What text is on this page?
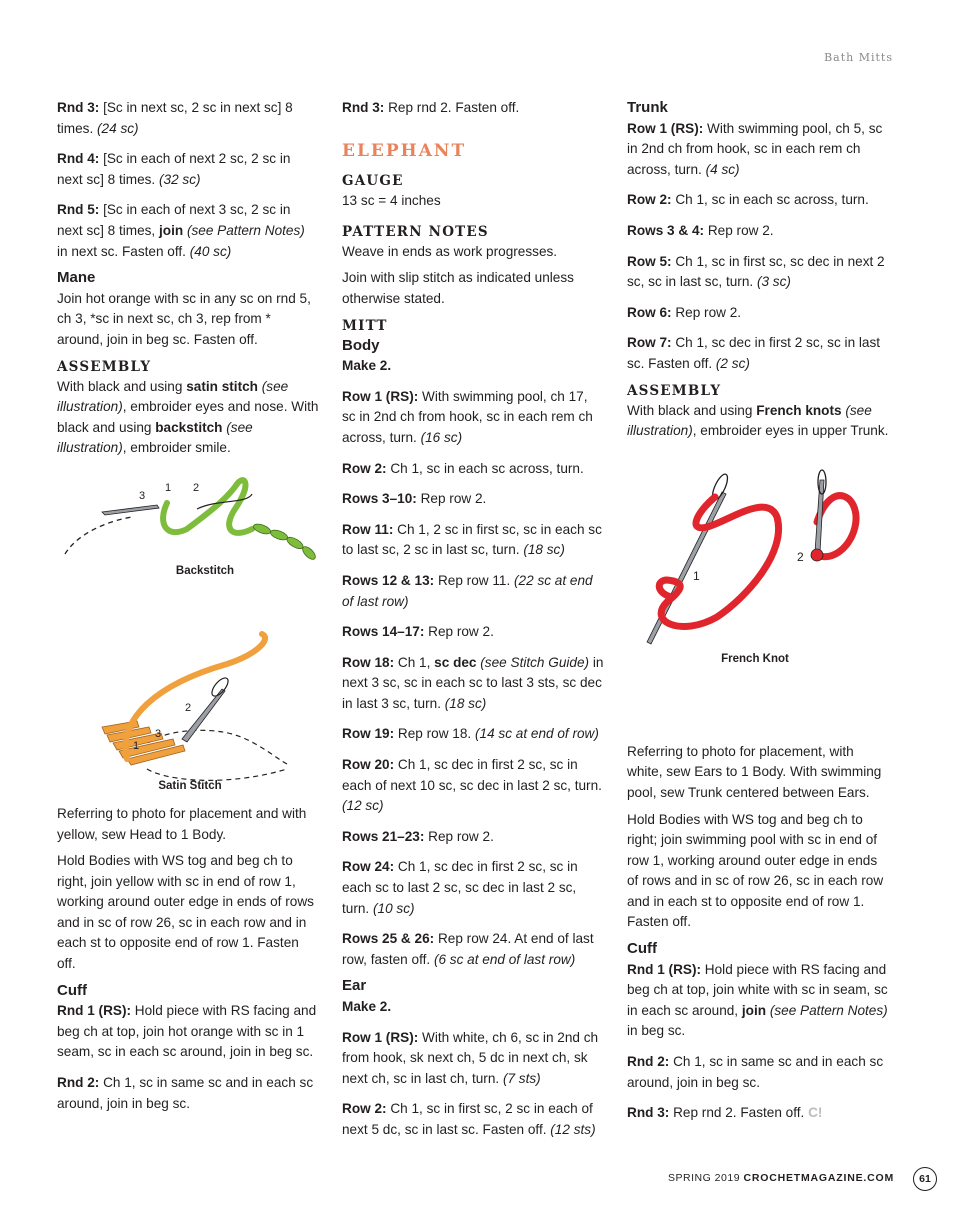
Bath Mitts

Rnd 3: [Sc in next sc, 2 sc in next sc] 8 times. (24 sc)

Rnd 4: [Sc in each of next 2 sc, 2 sc in next sc] 8 times. (32 sc)

Rnd 5: [Sc in each of next 3 sc, 2 sc in next sc] 8 times, join (see Pattern Notes) in next sc. Fasten off. (40 sc)

Mane

Join hot orange with sc in any sc on rnd 5, ch 3, *sc in next sc, ch 3, rep from * around, join in beg sc. Fasten off.

ASSEMBLY

With black and using satin stitch (see illustration), embroider eyes and nose. With black and using backstitch (see illustration), embroider smile.

3
1 2
Backstitch
2
3
1
Satin Stitch

Referring to photo for placement and with yellow, sew Head to 1 Body.

Hold Bodies with WS tog and beg ch to right, join yellow with sc in end of row 1, working around outer edge in ends of rows and in sc of row 26, sc in each row and in each st to opposite end of row 1. Fasten off.

Cuff

Rnd 1 (RS): Hold piece with RS facing and beg ch at top, join hot orange with sc in 1 seam, sc in each sc around, join in beg sc.

Rnd 2: Ch 1, sc in same sc and in each sc around, join in beg sc.

Rnd 3: Rep rnd 2. Fasten off.

ELEPHANT
GAUGE

13 sc = 4 inches

PATTERN NOTES

Weave in ends as work progresses.

Join with slip stitch as indicated unless otherwise stated.

MITT
Body

Make 2.

Row 1 (RS): With swimming pool, ch 17, sc in 2nd ch from hook, sc in each rem ch across, turn. (16 sc)

Row 2: Ch 1, sc in each sc across, turn.

Rows 3–10: Rep row 2.

Row 11: Ch 1, 2 sc in first sc, sc in each sc to last sc, 2 sc in last sc, turn. (18 sc)

Rows 12 & 13: Rep row 11. (22 sc at end of last row)

Rows 14–17: Rep row 2.

Row 18: Ch 1, sc dec (see Stitch Guide) in next 3 sc, sc in each sc to last 3 sts, sc dec in last 3 sc, turn. (18 sc)

Row 19: Rep row 18. (14 sc at end of row)

Row 20: Ch 1, sc dec in first 2 sc, sc in each of next 10 sc, sc dec in last 2 sc, turn. (12 sc)

Rows 21–23: Rep row 2.

Row 24: Ch 1, sc dec in first 2 sc, sc in each sc to last 2 sc, sc dec in last 2 sc, turn. (10 sc)

Rows 25 & 26: Rep row 24. At end of last row, fasten off. (6 sc at end of last row)

Ear

Make 2.

Row 1 (RS): With white, ch 6, sc in 2nd ch from hook, sk next ch, 5 dc in next ch, sk next ch, sc in last ch, turn. (7 sts)

Row 2: Ch 1, sc in first sc, 2 sc in each of next 5 dc, sc in last sc. Fasten off. (12 sts)

Trunk

Row 1 (RS): With swimming pool, ch 5, sc in 2nd ch from hook, sc in each rem ch across, turn. (4 sc)

Row 2: Ch 1, sc in each sc across, turn.

Rows 3 & 4: Rep row 2.

Row 5: Ch 1, sc in first sc, sc dec in next 2 sc, sc in last sc, turn. (3 sc)

Row 6: Rep row 2.

Row 7: Ch 1, sc dec in first 2 sc, sc in last sc. Fasten off. (2 sc)

ASSEMBLY

With black and using French knots (see illustration), embroider eyes in upper Trunk.

1
2
French Knot

Referring to photo for placement, with white, sew Ears to 1 Body. With swimming pool, sew Trunk centered between Ears.

Hold Bodies with WS tog and beg ch to right; join swimming pool with sc in end of row 1, working around outer edge in ends of rows and in sc of row 26, sc in each row and in each st to opposite end of row 1. Fasten off.

Cuff

Rnd 1 (RS): Hold piece with RS facing and beg ch at top, join white with sc in seam, sc in each sc around, join (see Pattern Notes) in beg sc.

Rnd 2: Ch 1, sc in same sc and in each sc around, join in beg sc.

Rnd 3: Rep rnd 2. Fasten off. C!

SPRING 2019 CROCHETMAGAZINE.COM	61
